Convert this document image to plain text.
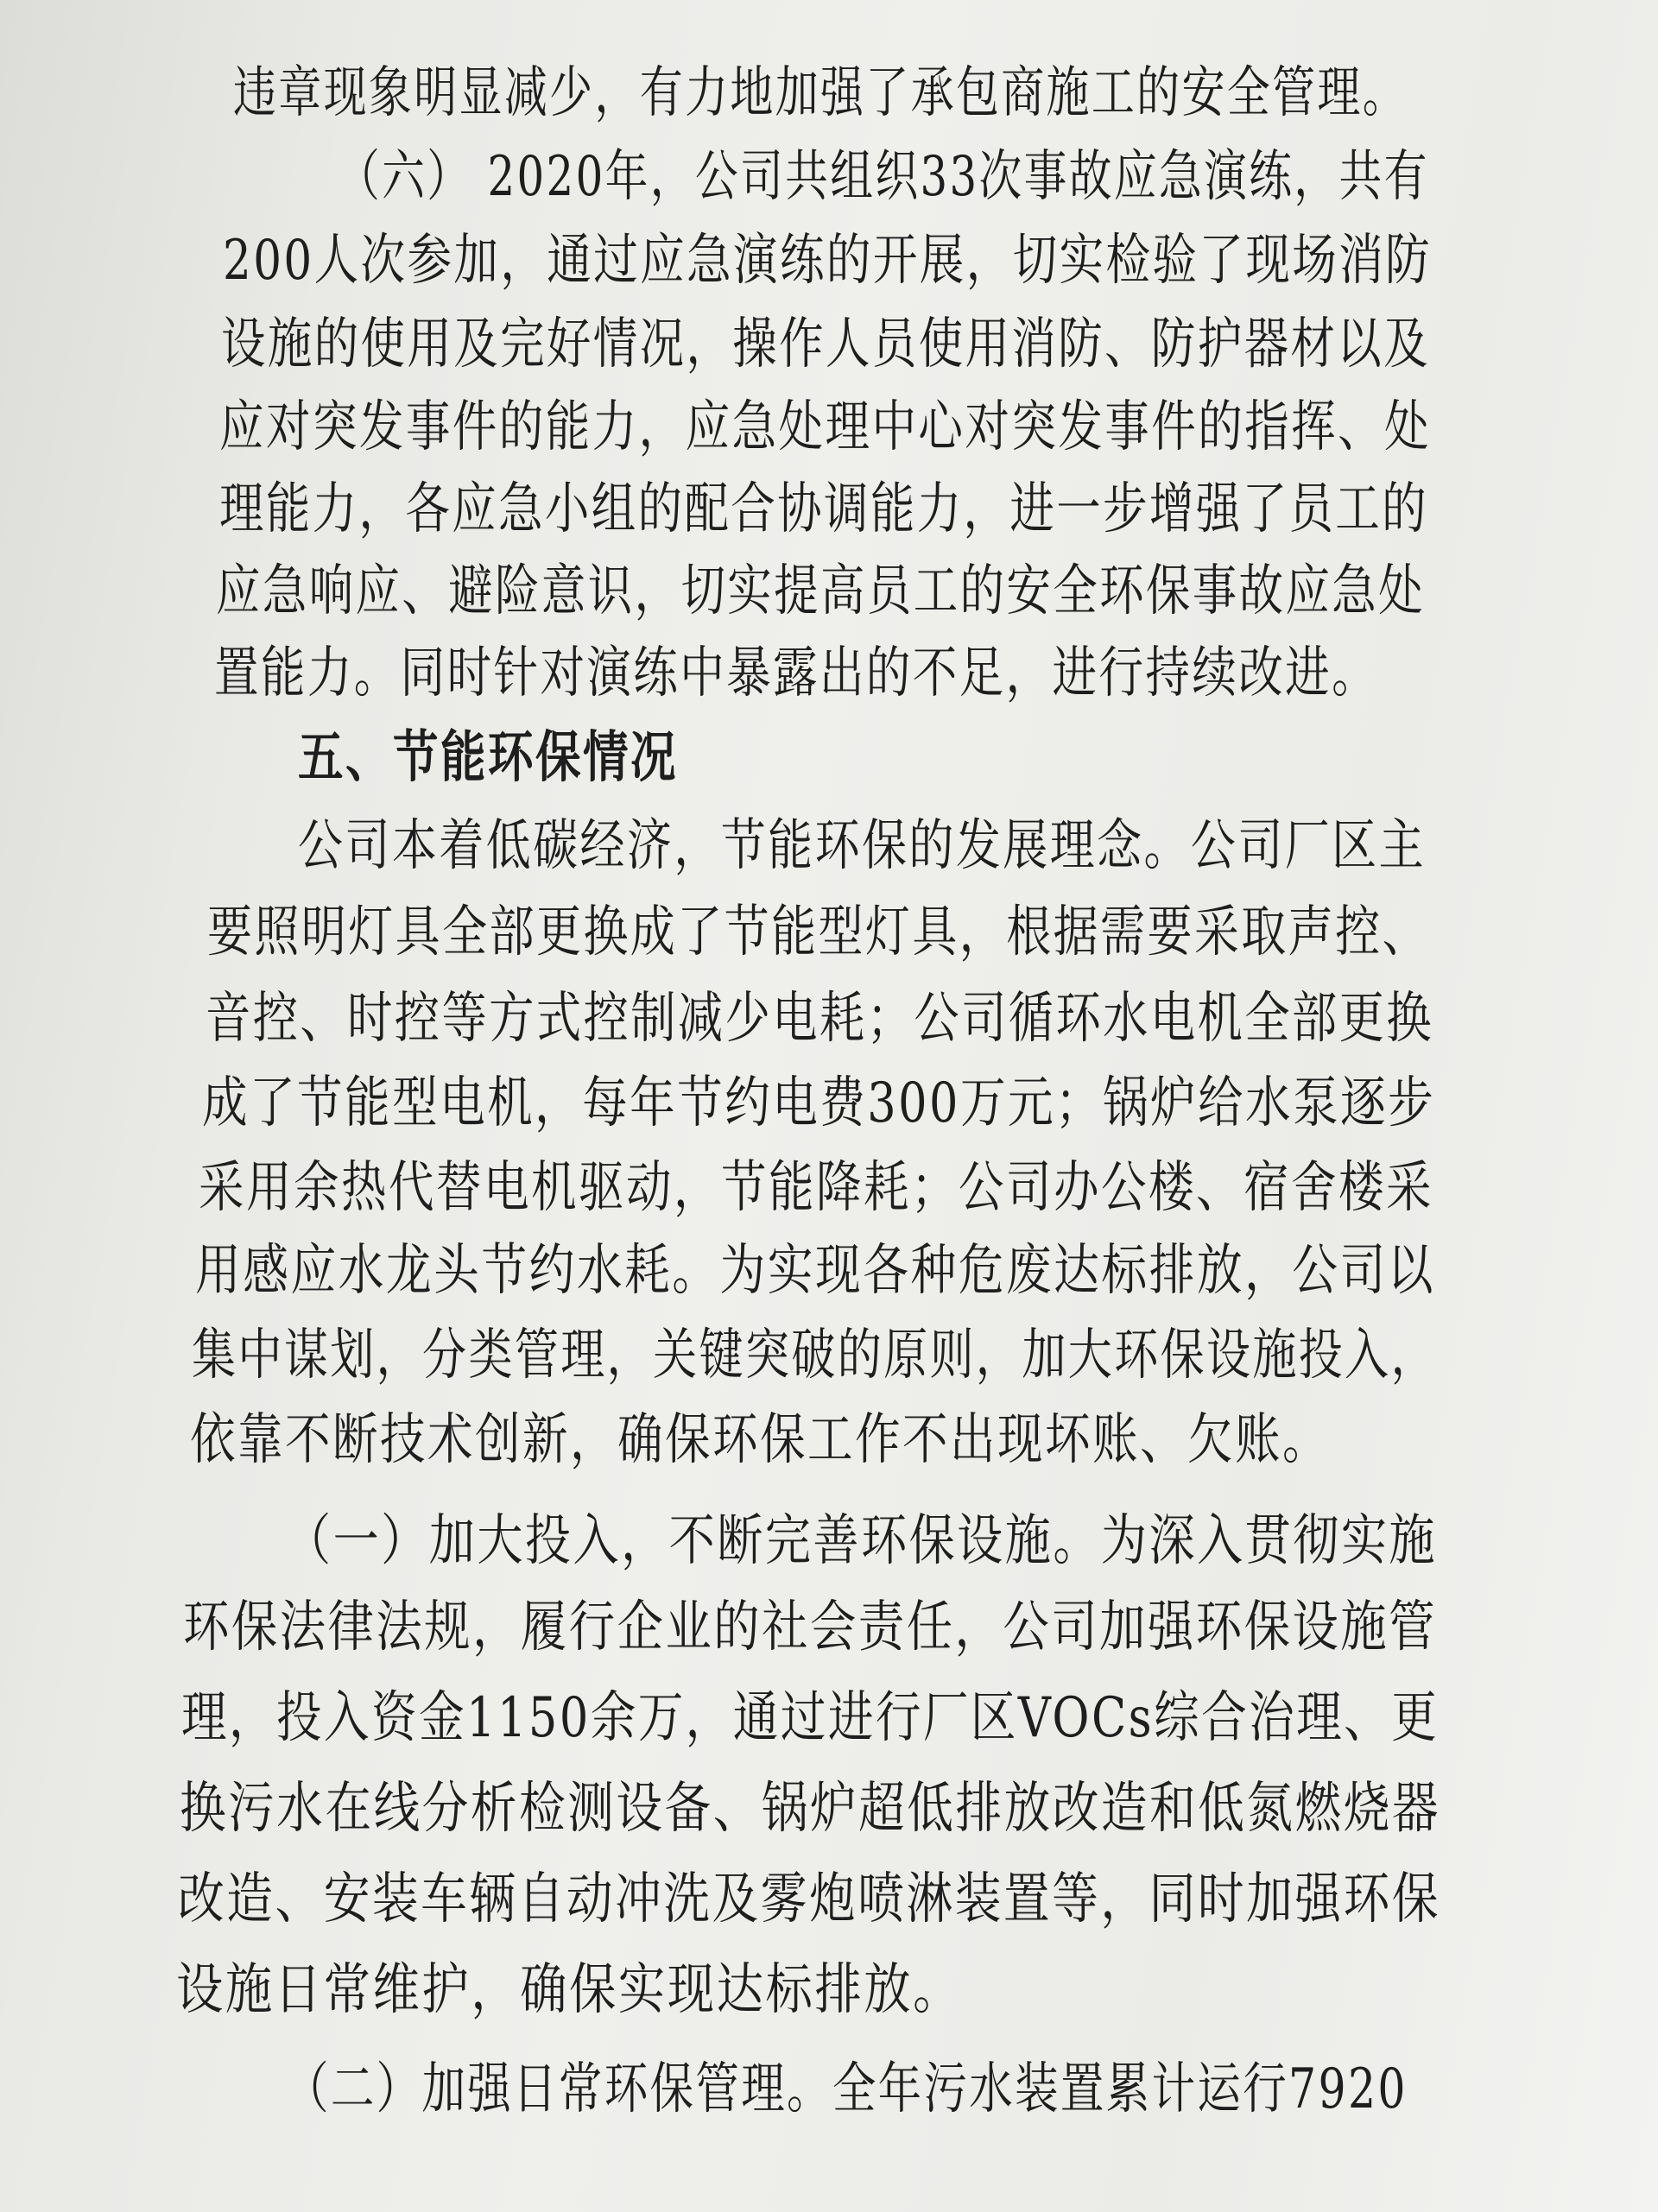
违章现象明显减少，有力地加强了承包商施工的安全管理。
（六） 2020年，公司共组织33次事故应急演练，共有
200人次参加，通过应急演练的开展，切实检验了现场消防
设施的使用及完好情况，操作人员使用消防、防护器材以及
应对突发事件的能力，应急处理中心对突发事件的指挥、处
理能力，各应急小组的配合协调能力，进一步增强了员工的
应急响应、避险意识，切实提高员工的安全环保事故应急处
置能力。同时针对演练中暴露出的不足，进行持续改进。
五、节能环保情况
公司本着低碳经济，节能环保的发展理念。公司厂区主
要照明灯具全部更换成了节能型灯具，根据需要采取声控、
音控、时控等方式控制减少电耗；公司循环水电机全部更换
成了节能型电机，每年节约电费300万元；锅炉给水泵逐步
采用余热代替电机驱动，节能降耗；公司办公楼、宿舍楼采
用感应水龙头节约水耗。为实现各种危废达标排放，公司以
集中谋划，分类管理，关键突破的原则，加大环保设施投入，
依靠不断技术创新，确保环保工作不出现坏账、欠账。
（一）加大投入，不断完善环保设施。为深入贯彻实施
环保法律法规，履行企业的社会责任，公司加强环保设施管
理，投入资金1150余万，通过进行厂区VOCs综合治理、更
换污水在线分析检测设备、锅炉超低排放改造和低氮燃烧器
改造、安装车辆自动冲洗及雾炮喷淋装置等，同时加强环保
设施日常维护，确保实现达标排放。
（二）加强日常环保管理。全年污水装置累计运行7920
